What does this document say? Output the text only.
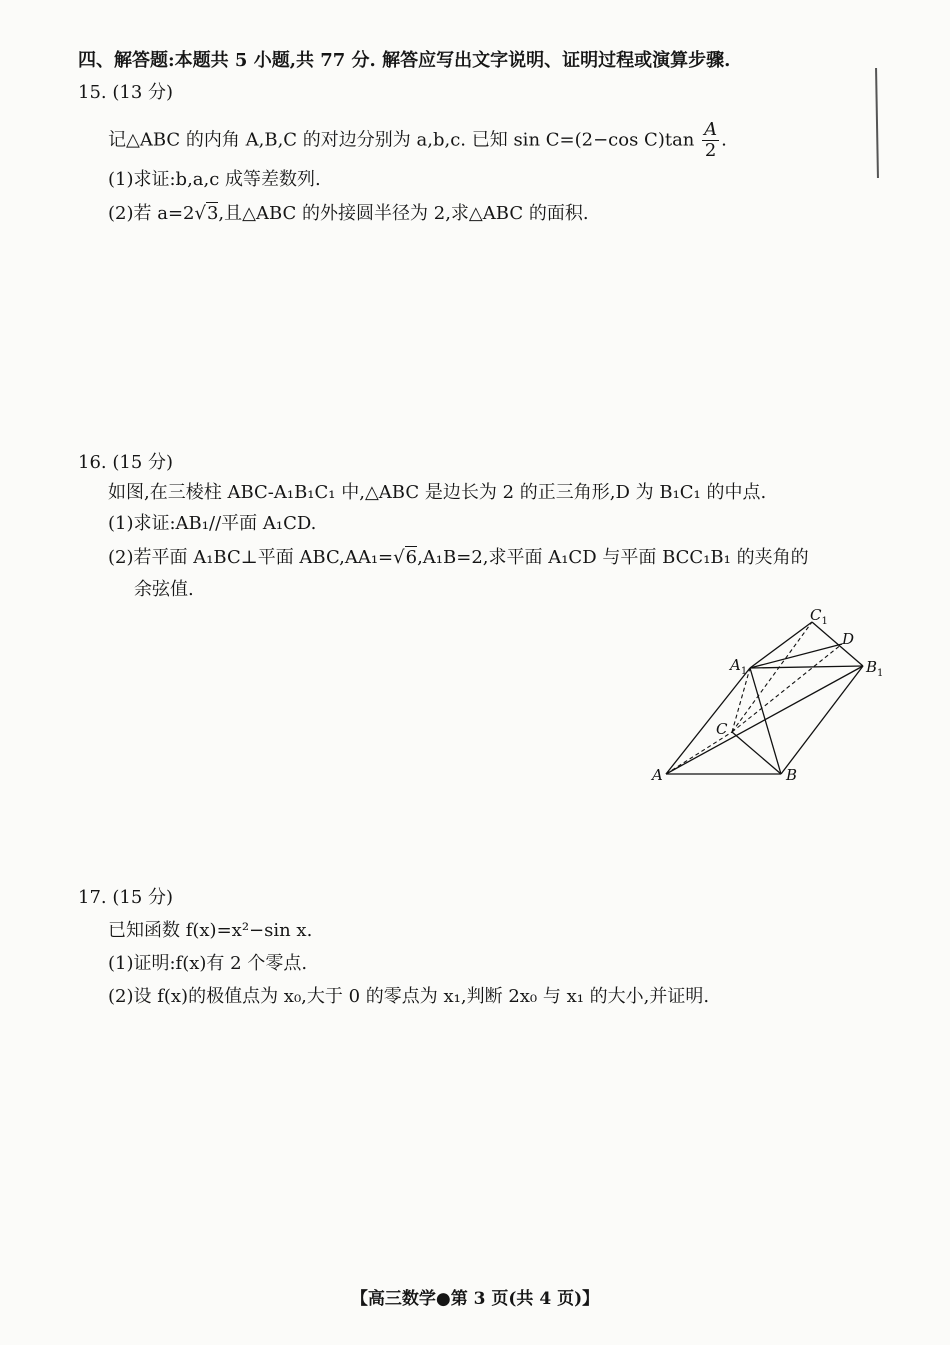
四、解答题:本题共 5 小题,共 77 分. 解答应写出文字说明、证明过程或演算步骤.
15. (13 分)
记△ABC 的内角 A,B,C 的对边分别为 a,b,c. 已知 sin C=(2−cos $C)\tan \frac{A}{2}$ .
(1)求证:b,a,c 成等差数列.
(2)若 a=2√3,且△ABC 的外接圆半径为 2,求△ABC 的面积.
16. (15 分)
如图,在三棱柱 ABC-A₁B₁C₁ 中,△ABC 是边长为 2 的正三角形,D 为 B₁C₁ 的中点.
(1)求证:AB₁//平面 A₁CD.
(2)若平面 A₁BC⊥平面 ABC,AA₁=√6,A₁B=2,求平面 A₁CD 与平面 BCC₁B₁ 的夹角的
余弦值.
A	B
C
D
$A_1$	$B_1$
$C_1$
17. (15 分)
已知函数 f(x)=x²−sin x.
(1)证明:f(x)有 2 个零点.
(2)设 f(x)的极值点为 x₀,大于 0 的零点为 x₁,判断 2x₀ 与 x₁ 的大小,并证明.
【高三数学●第 3 页(共 4 页)】
